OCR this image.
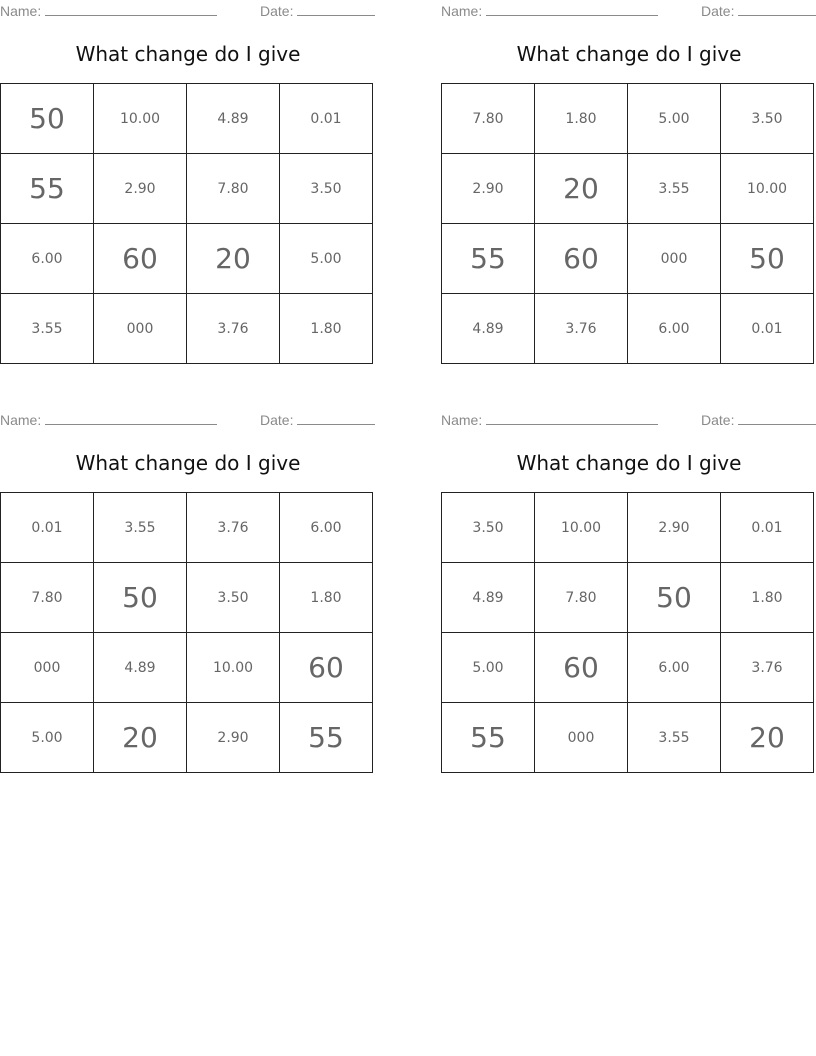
Name:	Date:
What change do I give
50	10.00	4.89	0.01
55	2.90	7.80	3.50
6.00	60	20	5.00
3.55	000	3.76	1.80
Name:	Date:
What change do I give
7.80	1.80	5.00	3.50
2.90	20	3.55	10.00
55	60	000	50
4.89	3.76	6.00	0.01
Name:	Date:
What change do I give
0.01	3.55	3.76	6.00
7.80	50	3.50	1.80
000	4.89	10.00	60
5.00	20	2.90	55
Name:	Date:
What change do I give
3.50	10.00	2.90	0.01
4.89	7.80	50	1.80
5.00	60	6.00	3.76
55	000	3.55	20
